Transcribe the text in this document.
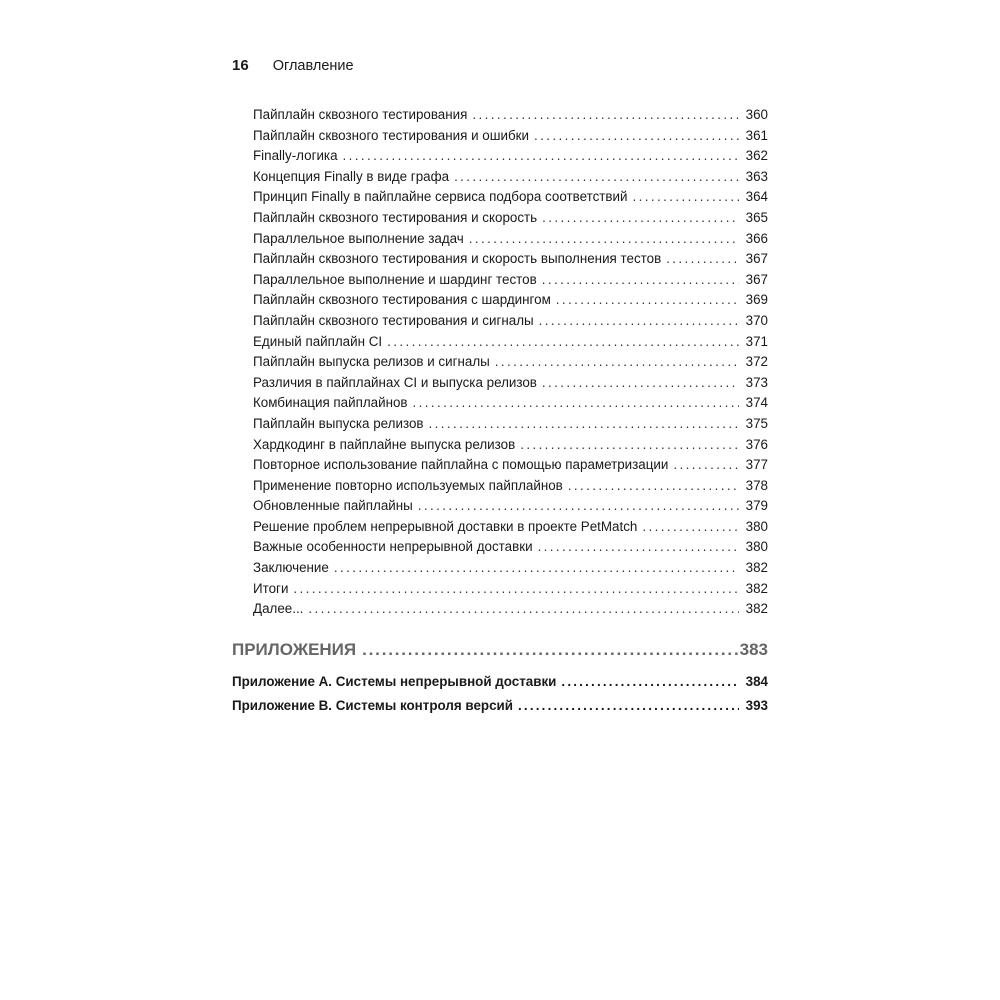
16 Оглавление
Пайплайн сквозного тестирования .....	360
Пайплайн сквозного тестирования и ошибки .....	361
Finally-логика .....	362
Концепция Finally в виде графа .....	363
Принцип Finally в пайплайне сервиса подбора соответствий .....	364
Пайплайн сквозного тестирования и скорость .....	365
Параллельное выполнение задач .....	366
Пайплайн сквозного тестирования и скорость выполнения тестов .....	367
Параллельное выполнение и шардинг тестов .....	367
Пайплайн сквозного тестирования с шардингом .....	369
Пайплайн сквозного тестирования и сигналы .....	370
Единый пайплайн CI .....	371
Пайплайн выпуска релизов и сигналы .....	372
Различия в пайплайнах CI и выпуска релизов .....	373
Комбинация пайплайнов .....	374
Пайплайн выпуска релизов .....	375
Хардкодинг в пайплайне выпуска релизов .....	376
Повторное использование пайплайна с помощью параметризации .....	377
Применение повторно используемых пайплайнов .....	378
Обновленные пайплайны .....	379
Решение проблем непрерывной доставки в проекте PetMatch .....	380
Важные особенности непрерывной доставки .....	380
Заключение .....	382
Итоги .....	382
Далее... .....	382
ПРИЛОЖЕНИЯ .....	383
Приложение А. Системы непрерывной доставки .....	384
Приложение B. Системы контроля версий .....	393
